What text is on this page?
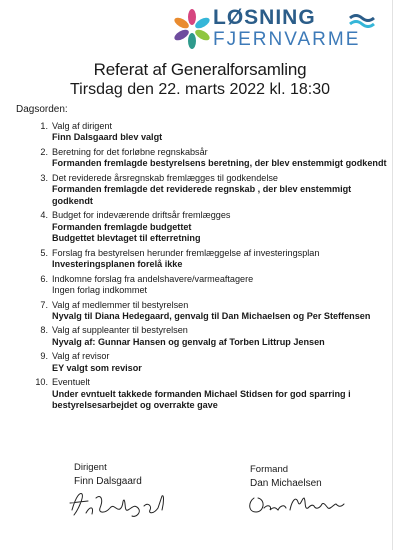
LØSNING
FJERNVARME
Referat af Generalforsamling
Tirsdag den 22. marts 2022 kl. 18:30
Dagsorden:
1. Valg af dirigent
Finn Dalsgaard blev valgt
2. Beretning for det forløbne regnskabsår
Formanden fremlagde bestyrelsens beretning, der blev enstemmigt godkendt
3. Det reviderede årsregnskab fremlægges til godkendelse
Formanden fremlagde det reviderede regnskab , der blev enstemmigt godkendt
4. Budget for indeværende driftsår fremlægges
Formanden fremlagde budgettet
Budgettet blevtaget til efterretning
5. Forslag fra bestyrelsen herunder fremlæggelse af investeringsplan
Investeringsplanen forelå ikke
6. Indkomne forslag fra andelshavere/varmeaftagere
Ingen forlag indkommet
7. Valg af medlemmer til bestyrelsen
Nyvalg til Diana Hedegaard, genvalg til Dan Michaelsen og Per Steffensen
8. Valg af suppleanter til bestyrelsen
Nyvalg af: Gunnar Hansen og genvalg af Torben Littrup Jensen
9. Valg af revisor
EY valgt som revisor
10. Eventuelt
Under evntuelt takkede formanden Michael Stidsen for god sparring i bestyrelsesarbejdet og overrakte gave
Dirigent
Finn Dalsgaard
Formand
Dan Michaelsen
